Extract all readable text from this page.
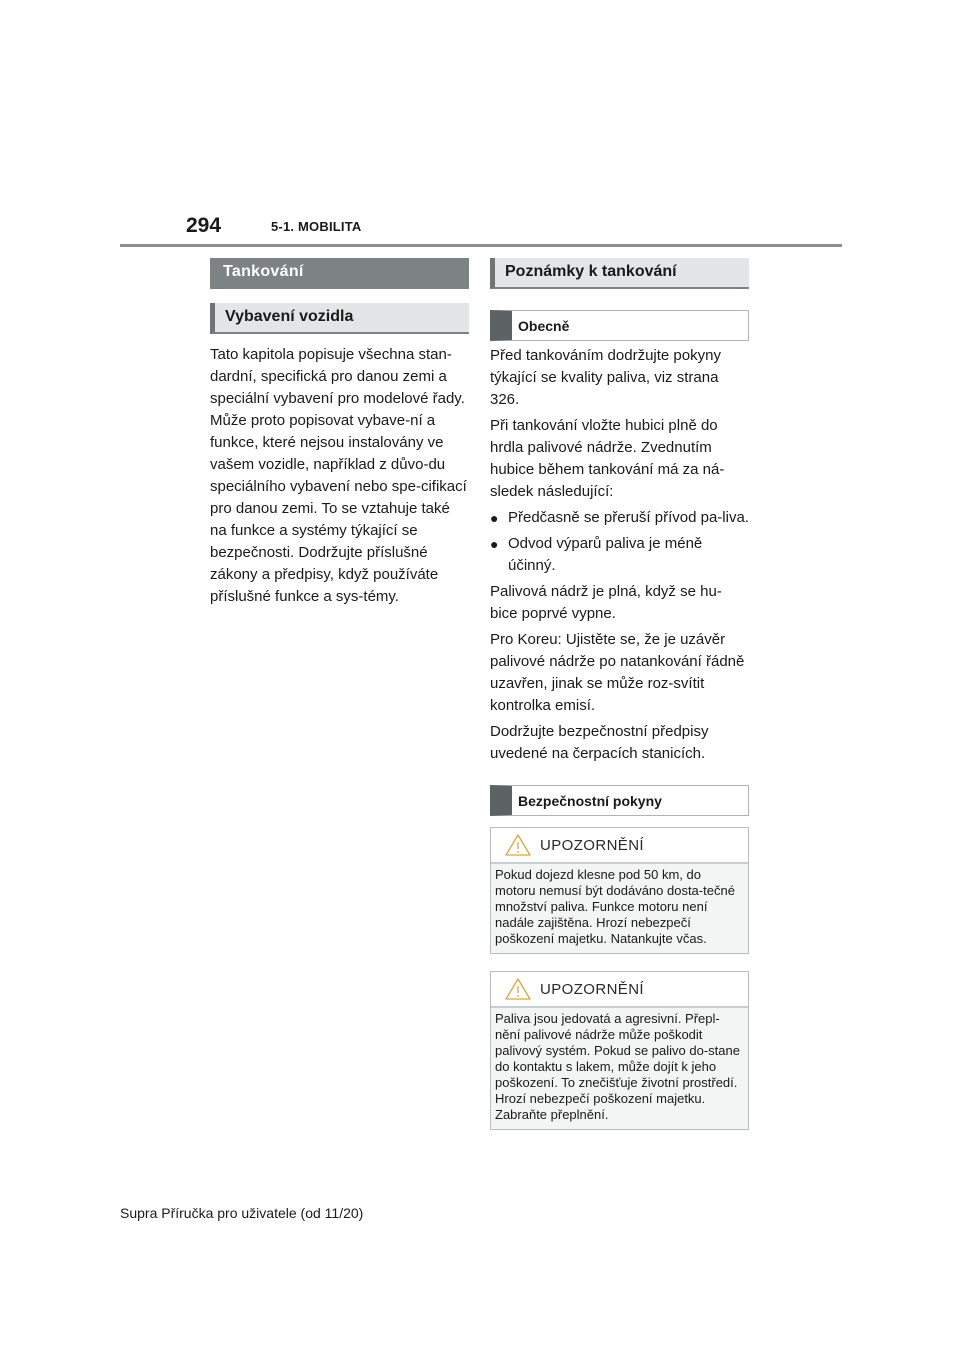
294	5-1. MOBILITA
Tankování
Vybavení vozidla

Tato kapitola popisuje všechna stan-dardní, specifická pro danou zemi a speciální vybavení pro modelové řady. Může proto popisovat vybave-ní a funkce, které nejsou instalovány ve vašem vozidle, například z důvo-du speciálního vybavení nebo spe-cifikací pro danou zemi. To se vztahuje také na funkce a systémy týkající se bezpečnosti. Dodržujte příslušné zákony a předpisy, když používáte příslušné funkce a sys-témy.

Poznámky k tankování
Obecně

Před tankováním dodržujte pokyny týkající se kvality paliva, viz strana 326.

Při tankování vložte hubici plně do hrdla palivové nádrže. Zvednutím hubice během tankování má za ná-sledek následující:

● Předčasně se přeruší přívod pa-liva.
● Odvod výparů paliva je méně účinný.

Palivová nádrž je plná, když se hu-bice poprvé vypne.

Pro Koreu: Ujistěte se, že je uzávěr palivové nádrže po natankování řádně uzavřen, jinak se může roz-svítit kontrolka emisí.

Dodržujte bezpečnostní předpisy uvedené na čerpacích stanicích.

Bezpečnostní pokyny
UPOZORNĚNÍ
Pokud dojezd klesne pod 50 km, do motoru nemusí být dodáváno dosta-tečné množství paliva. Funkce motoru není nadále zajištěna. Hrozí nebezpečí poškození majetku. Natankujte včas.
UPOZORNĚNÍ
Paliva jsou jedovatá a agresivní. Přepl-nění palivové nádrže může poškodit palivový systém. Pokud se palivo do-stane do kontaktu s lakem, může dojít k jeho poškození. To znečišťuje životní prostředí. Hrozí nebezpečí poškození majetku. Zabraňte přeplnění.
Supra Příručka pro uživatele (od 11/20)
